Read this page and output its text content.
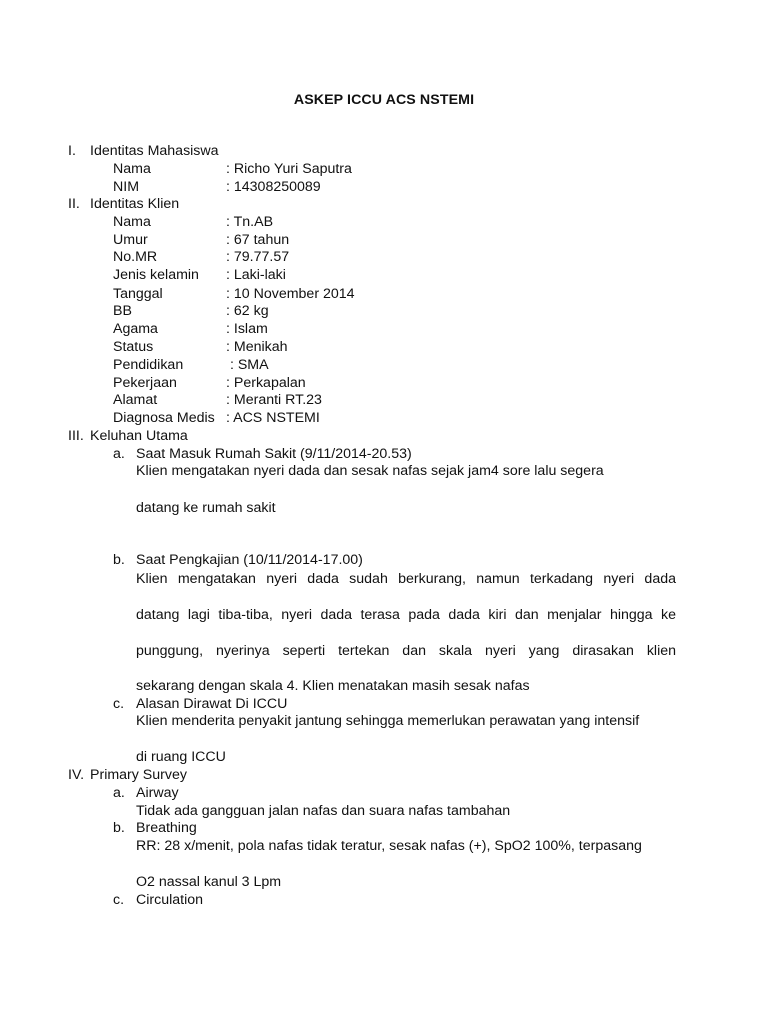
ASKEP ICCU ACS NSTEMI
I. Identitas Mahasiswa
Nama	: Richo Yuri Saputra
NIM	: 14308250089
II. Identitas Klien
Nama	: Tn.AB
Umur	: 67 tahun
No.MR	: 79.77.57
Jenis kelamin : Laki-laki
Tanggal	: 10 November 2014
BB	: 62 kg
Agama	: Islam
Status	: Menikah
Pendidikan	: SMA
Pekerjaan	: Perkapalan
Alamat	: Meranti RT.23
Diagnosa Medis : ACS NSTEMI
III. Keluhan Utama
a. Saat Masuk Rumah Sakit (9/11/2014-20.53)
Klien mengatakan nyeri dada dan sesak nafas sejak jam4 sore lalu segera
datang ke rumah sakit
b. Saat Pengkajian (10/11/2014-17.00)
Klien mengatakan nyeri dada sudah berkurang, namun terkadang nyeri dada
datang lagi tiba-tiba, nyeri dada terasa pada dada kiri dan menjalar hingga ke
punggung, nyerinya seperti tertekan dan skala nyeri yang dirasakan klien
sekarang dengan skala 4. Klien menatakan masih sesak nafas
c. Alasan Dirawat Di ICCU
Klien menderita penyakit jantung sehingga memerlukan perawatan yang intensif
di ruang ICCU
IV. Primary Survey
a. Airway
Tidak ada gangguan jalan nafas dan suara nafas tambahan
b. Breathing
RR: 28 x/menit, pola nafas tidak teratur, sesak nafas (+), SpO2 100%, terpasang
O2 nassal kanul 3 Lpm
c. Circulation
